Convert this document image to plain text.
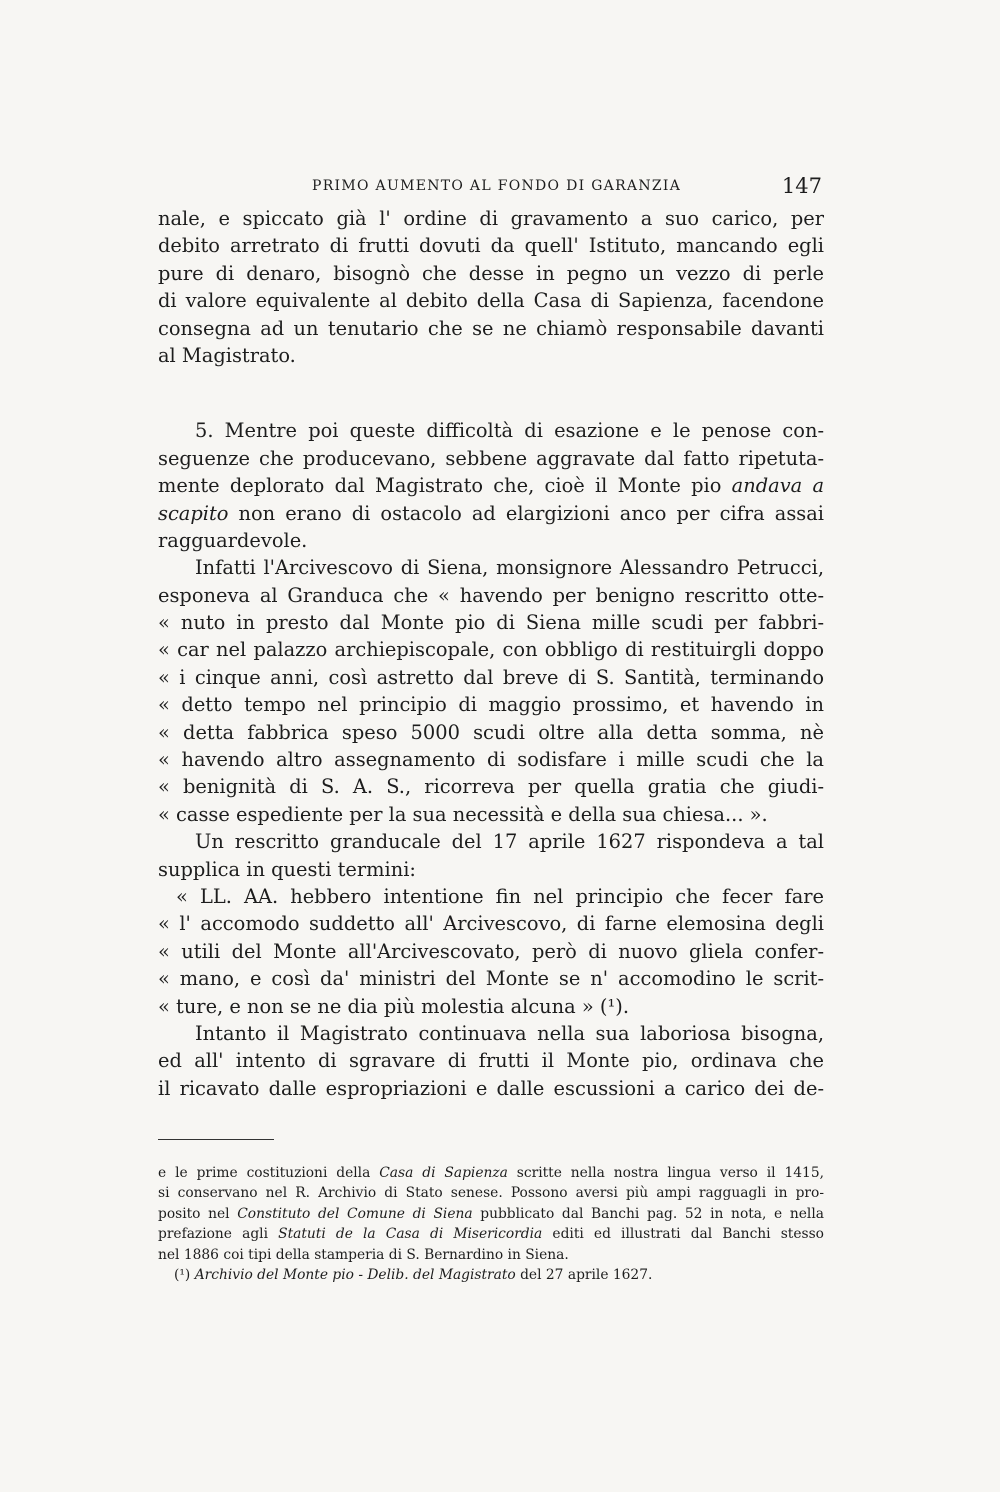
PRIMO AUMENTO AL FONDO DI GARANZIA	147
nale, e spiccato già l' ordine di gravamento a suo carico, per
debito arretrato di frutti dovuti da quell' Istituto, mancando egli
pure di denaro, bisognò che desse in pegno un vezzo di perle
di valore equivalente al debito della Casa di Sapienza, facendone
consegna ad un tenutario che se ne chiamò responsabile davanti
al Magistrato.
5. Mentre poi queste difficoltà di esazione e le penose con-
seguenze che producevano, sebbene aggravate dal fatto ripetuta-
mente deplorato dal Magistrato che, cioè il Monte pio andava a
scapito non erano di ostacolo ad elargizioni anco per cifra assai
ragguardevole.
Infatti l'Arcivescovo di Siena, monsignore Alessandro Petrucci,
esponeva al Granduca che « havendo per benigno rescritto otte-
« nuto in presto dal Monte pio di Siena mille scudi per fabbri-
« car nel palazzo archiepiscopale, con obbligo di restituirgli doppo
« i cinque anni, così astretto dal breve di S. Santità, terminando
« detto tempo nel principio di maggio prossimo, et havendo in
« detta fabbrica speso 5000 scudi oltre alla detta somma, nè
« havendo altro assegnamento di sodisfare i mille scudi che la
« benignità di S. A. S., ricorreva per quella gratia che giudi-
« casse espediente per la sua necessità e della sua chiesa... ».
Un rescritto granducale del 17 aprile 1627 rispondeva a tal
supplica in questi termini:
« LL. AA. hebbero intentione fin nel principio che fecer fare
« l' accomodo suddetto all' Arcivescovo, di farne elemosina degli
« utili del Monte all'Arcivescovato, però di nuovo gliela confer-
« mano, e così da' ministri del Monte se n' accomodino le scrit-
« ture, e non se ne dia più molestia alcuna » (¹).
Intanto il Magistrato continuava nella sua laboriosa bisogna,
ed all' intento di sgravare di frutti il Monte pio, ordinava che
il ricavato dalle espropriazioni e dalle escussioni a carico dei de-
e le prime costituzioni della Casa di Sapienza scritte nella nostra lingua verso il 1415,
si conservano nel R. Archivio di Stato senese. Possono aversi più ampi ragguagli in pro-
posito nel Constituto del Comune di Siena pubblicato dal Banchi pag. 52 in nota, e nella
prefazione agli Statuti de la Casa di Misericordia editi ed illustrati dal Banchi stesso
nel 1886 coi tipi della stamperia di S. Bernardino in Siena.
(¹) Archivio del Monte pio - Delib. del Magistrato del 27 aprile 1627.
